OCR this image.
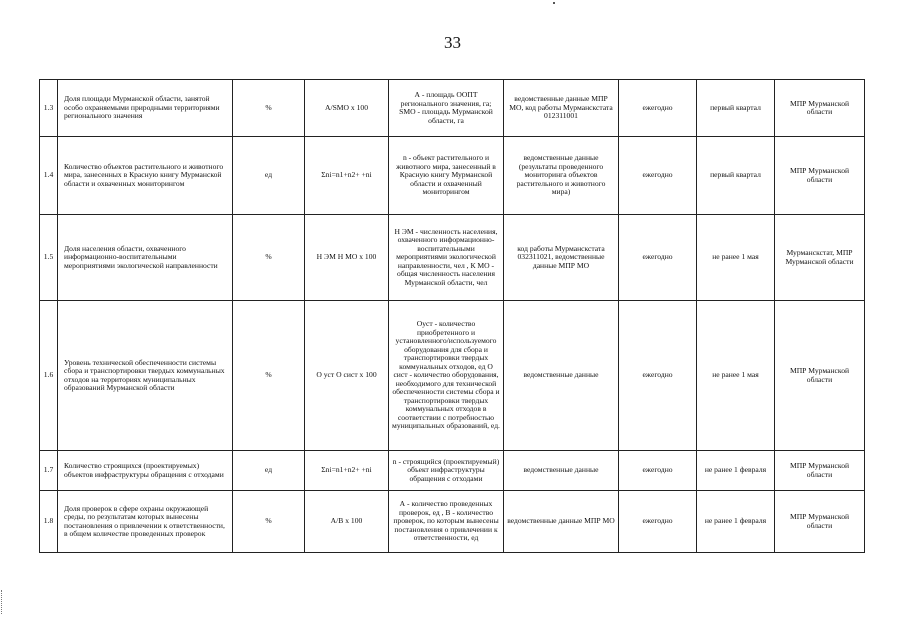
33
1.3	Доля площади Мурманской области, занятой особо охраняемыми природными территориями регионального значения	%	A/SMO x 100	А - площадь ООПТ регионального значения, га; SMO - площадь Мурманской области, га	ведомственные данные МПР МО, код работы Мурманскстата 012311001	ежегодно	первый квартал	МПР Мурманской области
1.4	Количество объектов растительного и животного мира, занесенных в Красную книгу Мурманской области и охваченных мониторингом	ед	Σni=n1+n2+ +ni	n - объект растительного и животного мира, занесенный в Красную книгу Мурманской области и охваченный мониторингом	ведомственные данные (результаты проведенного мониторинга объектов растительного и животного мира)	ежегодно	первый квартал	МПР Мурманской области
1.5	Доля населения области, охваченного информационно-воспитательными мероприятиями экологической направленности	%	Н ЭМ Н МО x 100	Н ЭМ - численность населения, охваченного информационно-воспитательными мероприятиями экологической направленности, чел , К МО - общая численность населения Мурманской области, чел	код работы Мурманскстата 032311021, ведомственные данные МПР МО	ежегодно	не ранее 1 мая	Мурманскстат, МПР Мурманской области
1.6	Уровень технической обеспеченности системы сбора и транспортировки твердых коммунальных отходов на территориях муниципальных образований Мурманской области	%	О уст О сист x 100	Оуст - количество приобретенного и установленного/используемого оборудования для сбора и транспортировки твердых коммунальных отходов, ед О сист - количество оборудования, необходимого для технической обеспеченности системы сбора и транспортировки твердых коммунальных отходов в соответствии с потребностью муниципальных образований, ед.	ведомственные данные	ежегодно	не ранее 1 мая	МПР Мурманской области
1.7	Количество строящихся (проектируемых) объектов инфраструктуры обращения с отходами	ед	Σni=n1+n2+ +ni	n - строящийся (проектируемый) объект инфраструктуры обращения с отходами	ведомственные данные	ежегодно	не ранее 1 февраля	МПР Мурманской области
1.8	Доля проверок в сфере охраны окружающей среды, по результатам которых вынесены постановления о привлечении к ответственности, в общем количестве проведенных проверок	%	A/B x 100	А - количество проведенных проверок, ед , В - количество проверок, по которым вынесены постановления о привлечении к ответственности, ед	ведомственные данные МПР МО	ежегодно	не ранее 1 февраля	МПР Мурманской области
